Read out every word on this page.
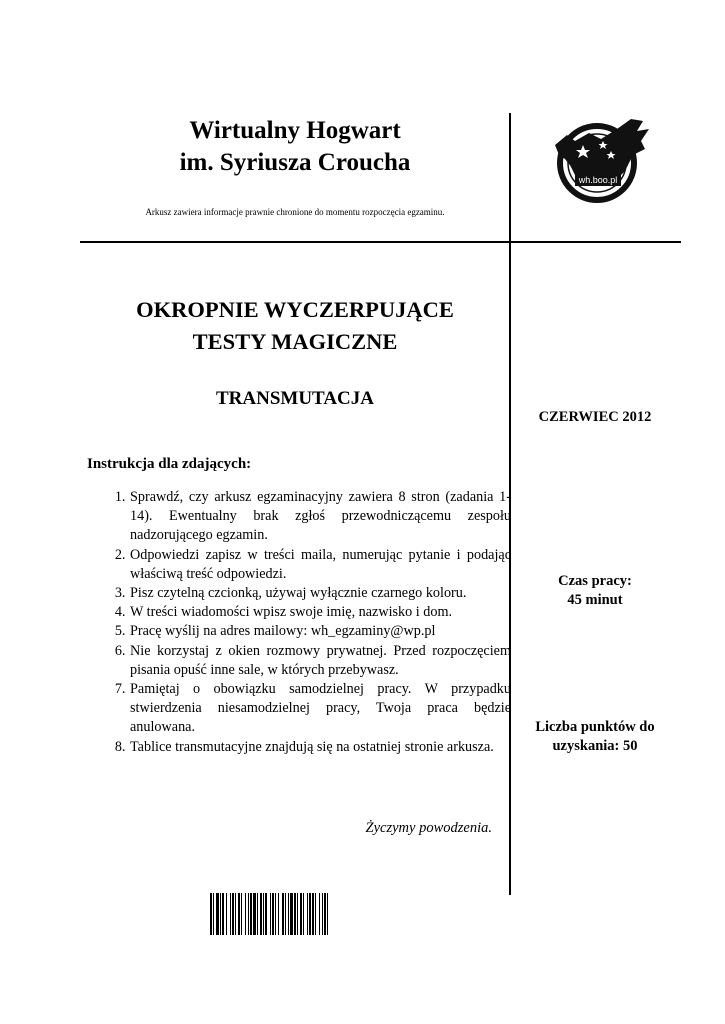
Wirtualny Hogwart
im. Syriusza Croucha
Arkusz zawiera informacje prawnie chronione do momentu rozpoczęcia egzaminu.
wh.boo.pl
OKROPNIE WYCZERPUJĄCE
TESTY MAGICZNE
TRANSMUTACJA
CZERWIEC 2012
Czas pracy:
45 minut
Liczba punktów do
uzyskania: 50
Instrukcja dla zdających:
1. Sprawdź, czy arkusz egzaminacyjny zawiera 8 stron (zadania 1- 14). Ewentualny brak zgłoś przewodniczącemu zespołu nadzorującego egzamin.
2. Odpowiedzi zapisz w treści maila, numerując pytanie i podając właściwą treść odpowiedzi.
3. Pisz czytelną czcionką, używaj wyłącznie czarnego koloru.
4. W treści wiadomości wpisz swoje imię, nazwisko i dom.
5. Pracę wyślij na adres mailowy: wh_egzaminy@wp.pl
6. Nie korzystaj z okien rozmowy prywatnej. Przed rozpoczęciem pisania opuść inne sale, w których przebywasz.
7. Pamiętaj o obowiązku samodzielnej pracy. W przypadku stwierdzenia niesamodzielnej pracy, Twoja praca będzie anulowana.
8. Tablice transmutacyjne znajdują się na ostatniej stronie arkusza.
Życzymy powodzenia.
